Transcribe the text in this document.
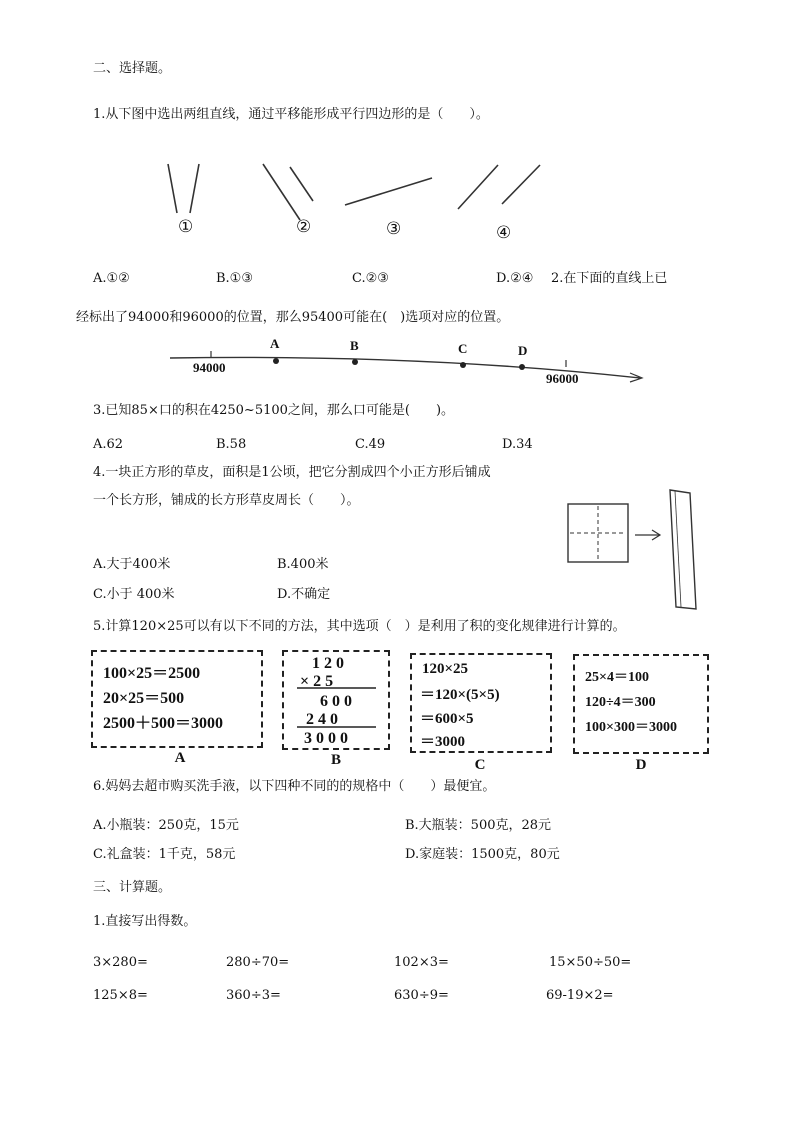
二、选择题。
1.从下图中选出两组直线，通过平移能形成平行四边形的是（　　）。
①	②	③	④
A.①②	B.①③	C.②③	D.②④ 2.在下面的直线上已
经标出了94000和96000的位置，那么95400可能在(　)选项对应的位置。
A	B	C	D
94000
96000
3.已知85×口的积在4250~5100之间，那么口可能是(　　)。
A.62	B.58	C.49	D.34
4.一块正方形的草皮，面积是1公顷，把它分割成四个小正方形后铺成
一个长方形，铺成的长方形草皮周长（　　）。
A.大于400米	B.400米
C.小于 400米	D.不确定
5.计算120×25可以有以下不同的方法，其中选项（　）是利用了积的变化规律进行计算的。
100×25＝2500
20×25＝500
2500＋500＝3000
A
1 2 0
× 2 5
6 0 0
2 4 0
3 0 0 0
B
120×25
＝120×(5×5)
＝600×5
＝3000
C
25×4＝100
120÷4＝300
100×300＝3000
D
6.妈妈去超市购买洗手液，以下四种不同的的规格中（　　）最便宜。
A.小瓶装：250克，15元	B.大瓶装：500克，28元
C.礼盒装：1千克，58元	D.家庭装：1500克，80元
三、计算题。
1.直接写出得数。
3×280=	280÷70=	102×3=	15×50÷50=
125×8=	360÷3=	630÷9=	69-19×2=
